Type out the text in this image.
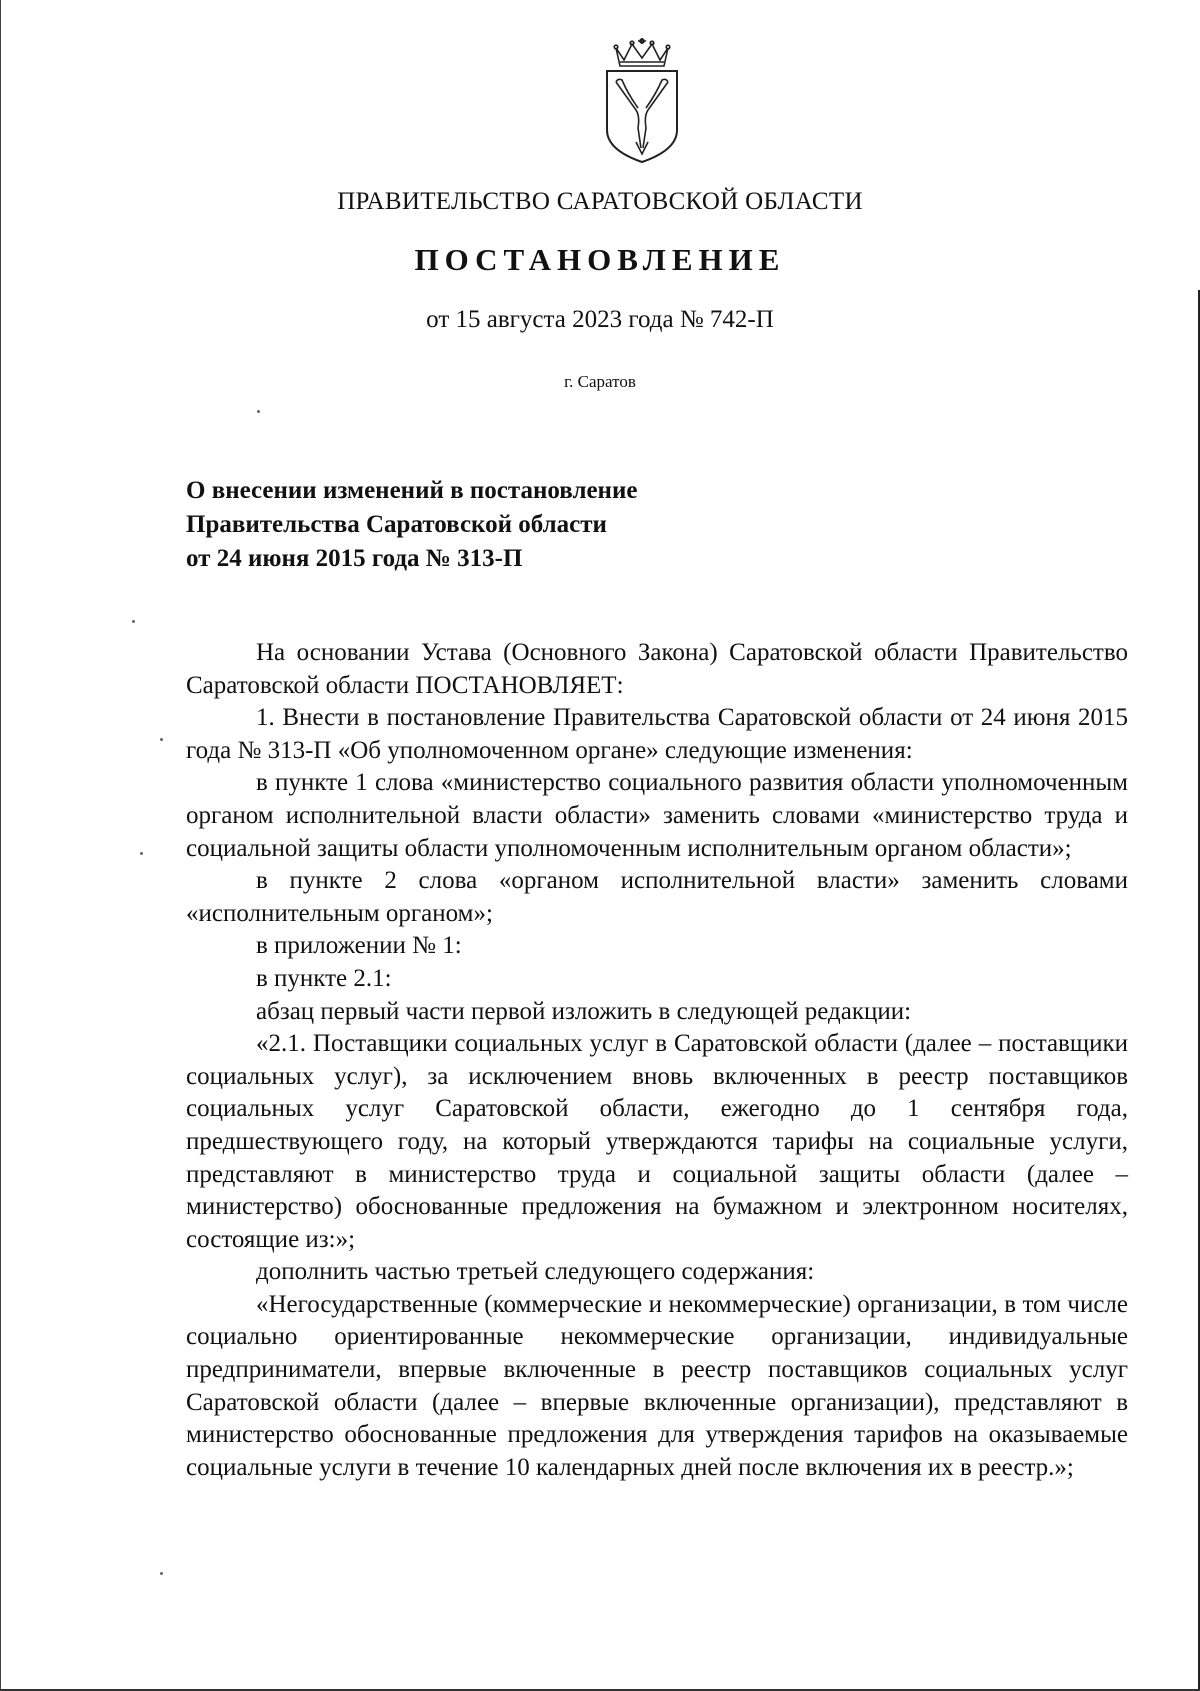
ПРАВИТЕЛЬСТВО САРАТОВСКОЙ ОБЛАСТИ
ПОСТАНОВЛЕНИЕ
от 15 августа 2023 года № 742-П
г. Саратов
О внесении изменений в постановление
Правительства Саратовской области
от 24 июня 2015 года № 313-П

На основании Устава (Основного Закона) Саратовской области Правительство Саратовской области ПОСТАНОВЛЯЕТ:

1. Внести в постановление Правительства Саратовской области от 24 июня 2015 года № 313-П «Об уполномоченном органе» следующие изменения:

в пункте 1 слова «министерство социального развития области уполномоченным органом исполнительной власти области» заменить словами «министерство труда и социальной защиты области уполномоченным исполнительным органом области»;

в пункте 2 слова «органом исполнительной власти» заменить словами «исполнительным органом»;

в приложении № 1:

в пункте 2.1:

абзац первый части первой изложить в следующей редакции:

«2.1. Поставщики социальных услуг в Саратовской области (далее – поставщики социальных услуг), за исключением вновь включенных в реестр поставщиков социальных услуг Саратовской области, ежегодно до 1 сентября года, предшествующего году, на который утверждаются тарифы на социальные услуги, представляют в министерство труда и социальной защиты области (далее – министерство) обоснованные предложения на бумажном и электронном носителях, состоящие из:»;

дополнить частью третьей следующего содержания:

«Негосударственные (коммерческие и некоммерческие) организации, в том числе социально ориентированные некоммерческие организации, индивидуальные предприниматели, впервые включенные в реестр поставщиков социальных услуг Саратовской области (далее – впервые включенные организации), представляют в министерство обоснованные предложения для утверждения тарифов на оказываемые социальные услуги в течение 10 календарных дней после включения их в реестр.»;
